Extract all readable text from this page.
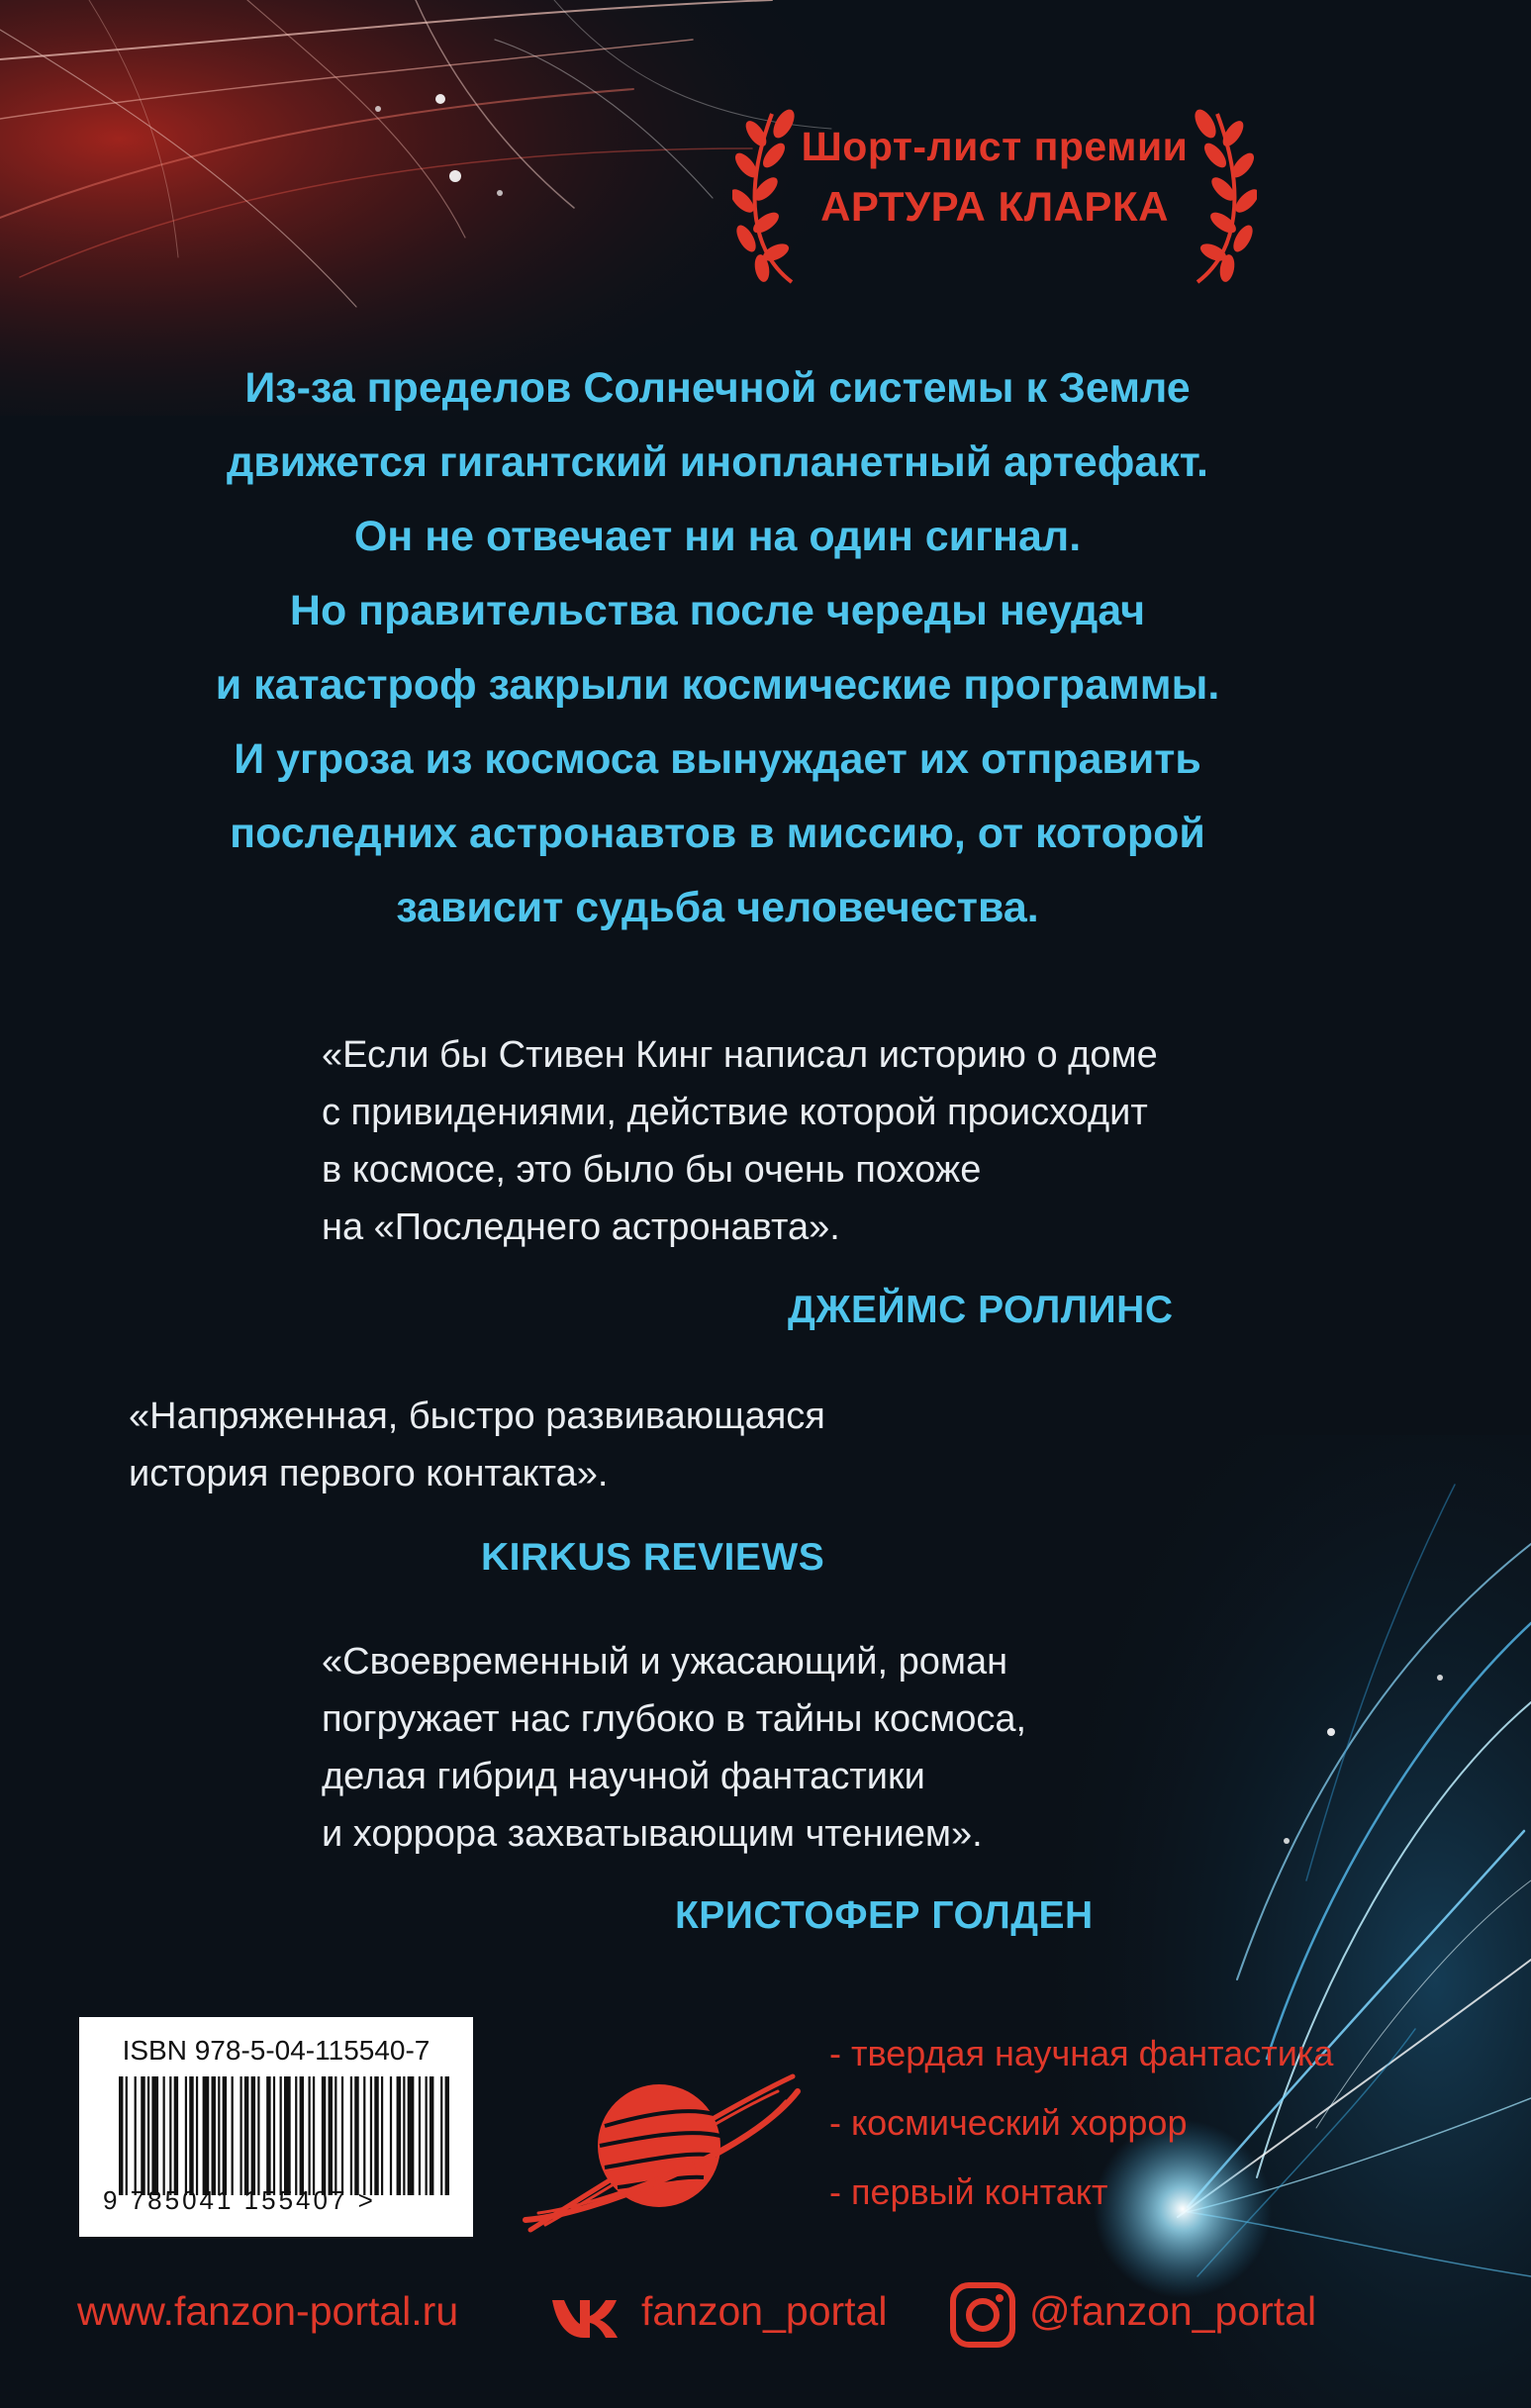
Шорт-лист премии
АРТУРА КЛАРКА
Из-за пределов Солнечной системы к Земле
движется гигантский инопланетный артефакт.
Он не отвечает ни на один сигнал.
Но правительства после череды неудач
и катастроф закрыли космические программы.
И угроза из космоса вынуждает их отправить
последних астронавтов в миссию, от которой
зависит судьба человечества.
«Если бы Стивен Кинг написал историю о доме
с привидениями, действие которой происходит
в космосе, это было бы очень похоже
на «Последнего астронавта».
ДЖЕЙМС РОЛЛИНС
«Напряженная, быстро развивающаяся
история первого контакта».
KIRKUS REVIEWS
«Своевременный и ужасающий, роман
погружает нас глубоко в тайны космоса,
делая гибрид научной фантастики
и хоррора захватывающим чтением».
КРИСТОФЕР ГОЛДЕН
ISBN 978-5-04-115540-7
9 785041 155407 >
- твердая научная фантастика
- космический хоррор
- первый контакт
www.fanzon-portal.ru	fanzon_portal	@fanzon_portal
